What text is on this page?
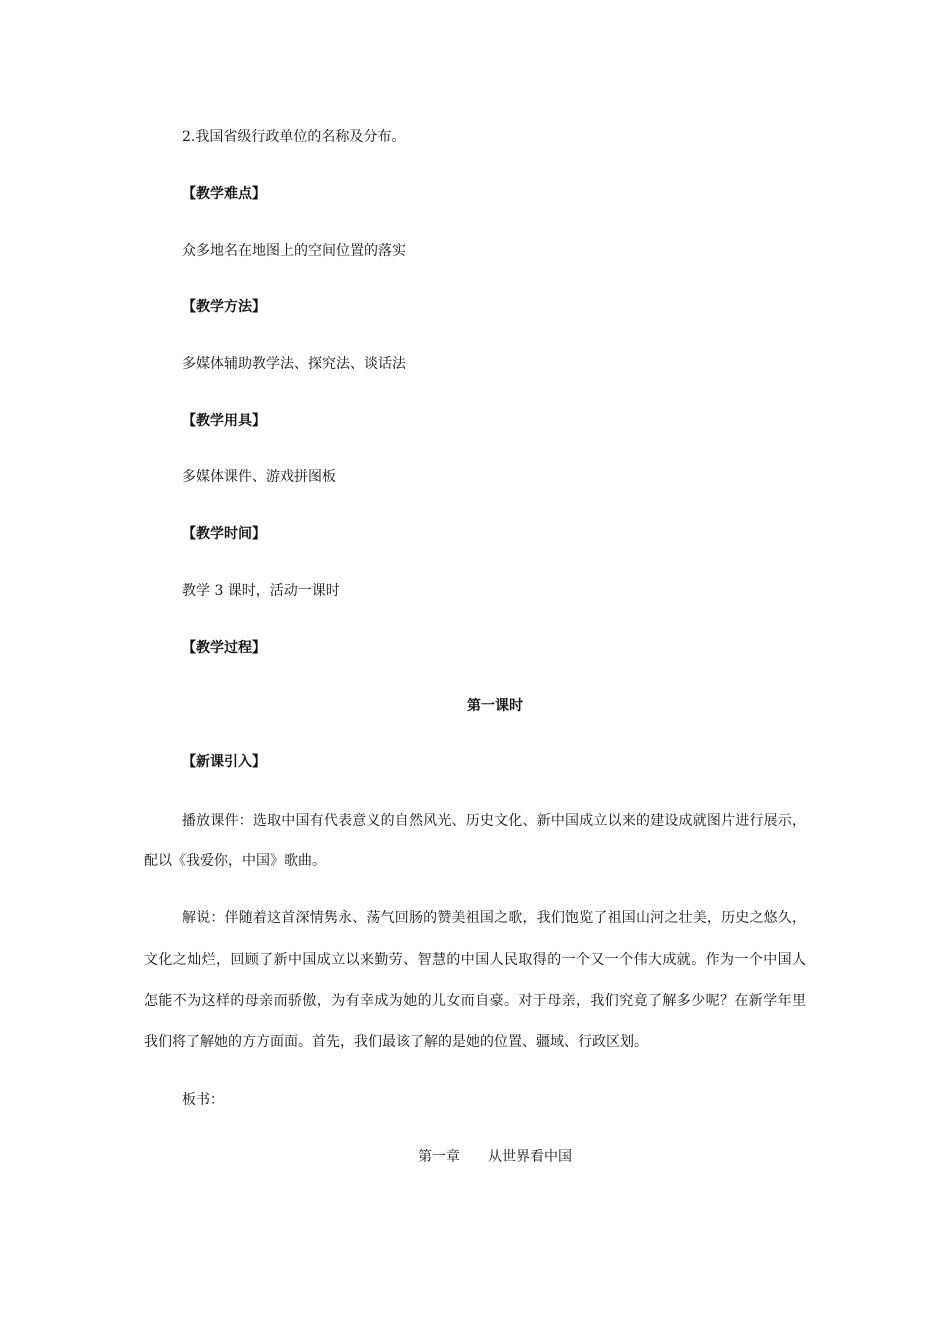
2.我国省级行政单位的名称及分布。
【教学难点】
众多地名在地图上的空间位置的落实
【教学方法】
多媒体辅助教学法、探究法、谈话法
【教学用具】
多媒体课件、游戏拼图板
【教学时间】
教学 3 课时，活动一课时
【教学过程】
第一课时
【新课引入】
播放课件：选取中国有代表意义的自然风光、历史文化、新中国成立以来的建设成就图片进行展示，
配以《我爱你，中国》歌曲。
解说：伴随着这首深情隽永、荡气回肠的赞美祖国之歌，我们饱览了祖国山河之壮美，历史之悠久，
文化之灿烂，回顾了新中国成立以来勤劳、智慧的中国人民取得的一个又一个伟大成就。作为一个中国人
怎能不为这样的母亲而骄傲，为有幸成为她的儿女而自豪。对于母亲，我们究竟了解多少呢？在新学年里
我们将了解她的方方面面。首先，我们最该了解的是她的位置、疆域、行政区划。
板书：
第一章　　从世界看中国
